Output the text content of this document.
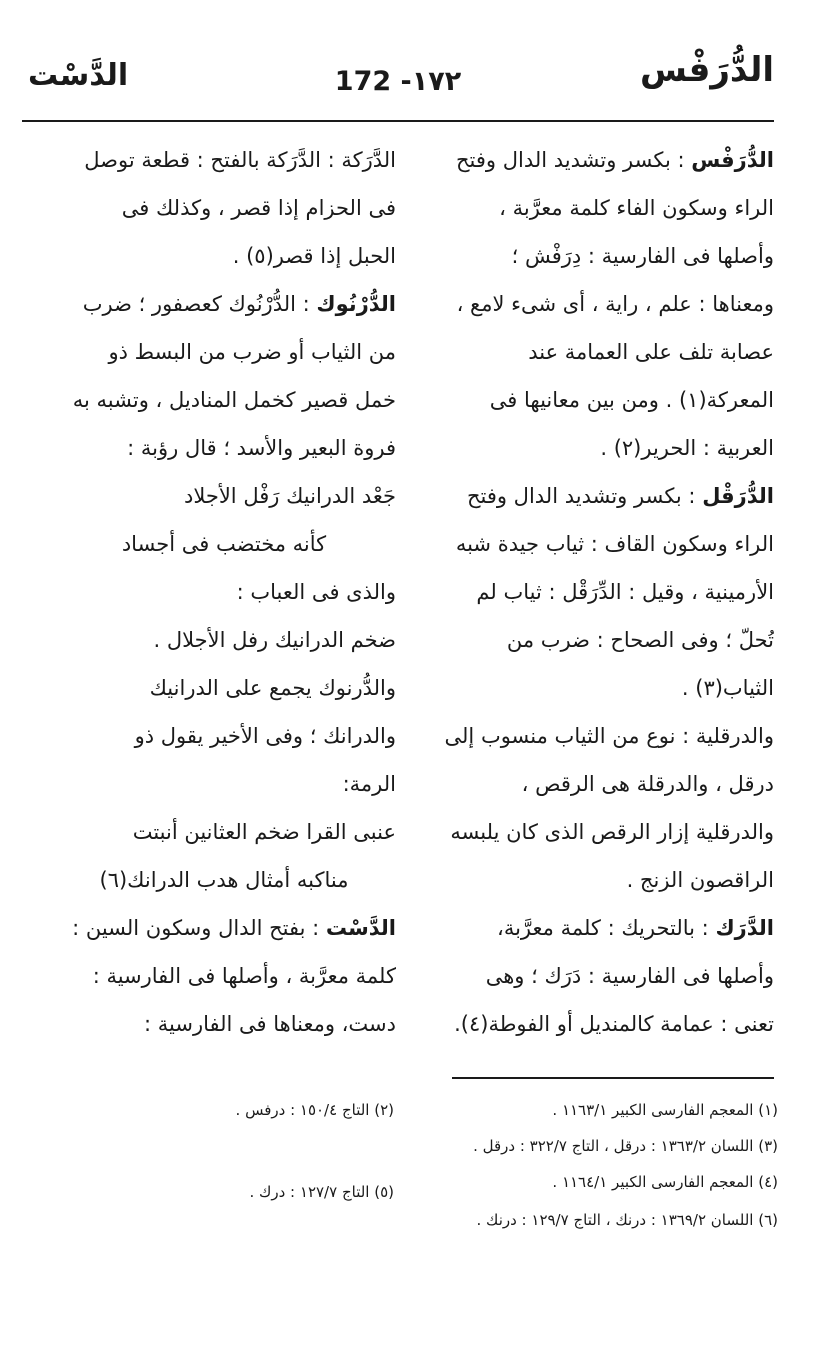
الدُّرَفْس
172 -١٧٢
الدَّسْت
الدُّرَفْس : بكسر وتشديد الدال وفتح
الراء وسكون الفاء كلمة معرَّبة ،
وأصلها فى الفارسية : دِرَفْش ؛
ومعناها : علم ، راية ، أى شىء لامع ،
عصابة تلف على العمامة عند
المعركة(١) . ومن بين معانيها فى
العربية : الحرير(٢) .
الدُّرَقْل : بكسر وتشديد الدال وفتح
الراء وسكون القاف : ثياب جيدة شبه
الأرمينية ، وقيل : الدِّرَقْل : ثياب لم
تُحلّ ؛ وفى الصحاح : ضرب من
الثياب(٣) .
والدرقلية : نوع من الثياب منسوب إلى
درقل ، والدرقلة هى الرقص ،
والدرقلية إزار الرقص الذى كان يلبسه
الراقصون الزنج .
الدَّرَك : بالتحريك : كلمة معرَّبة،
وأصلها فى الفارسية : دَرَك ؛ وهى
تعنى : عمامة كالمنديل أو الفوطة(٤).
الدَّرَكة : الدَّرَكة بالفتح : قطعة توصل
فى الحزام إذا قصر ، وكذلك فى
الحبل إذا قصر(٥) .
الدُّرْنُوك : الدُّرْنُوك كعصفور ؛ ضرب
من الثياب أو ضرب من البسط ذو
خمل قصير كخمل المناديل ، وتشبه به
فروة البعير والأسد ؛ قال رؤبة :
جَعْد الدرانيك رَفْل الأجلاد
كأنه مختضب فى أجساد
والذى فى العباب :
ضخم الدرانيك رفل الأجلال .
والدُّرنوك يجمع على الدرانيك
والدرانك ؛ وفى الأخير يقول ذو
الرمة:
عنبى القرا ضخم العثانين أنبتت
مناكبه أمثال هدب الدرانك(٦)
الدَّسْت : بفتح الدال وسكون السين :
كلمة معرَّبة ، وأصلها فى الفارسية :
دست، ومعناها فى الفارسية :
(١) المعجم الفارسى الكبير ١١٦٣/١ .
(٢) التاج ١٥٠/٤ : درفس .
(٣) اللسان ١٣٦٣/٢ : درقل ، التاج ٣٢٢/٧ : درقل .
(٤) المعجم الفارسى الكبير ١١٦٤/١ .
(٥) التاج ١٢٧/٧ : درك .
(٦) اللسان ١٣٦٩/٢ : درنك ، التاج ١٢٩/٧ : درنك .
